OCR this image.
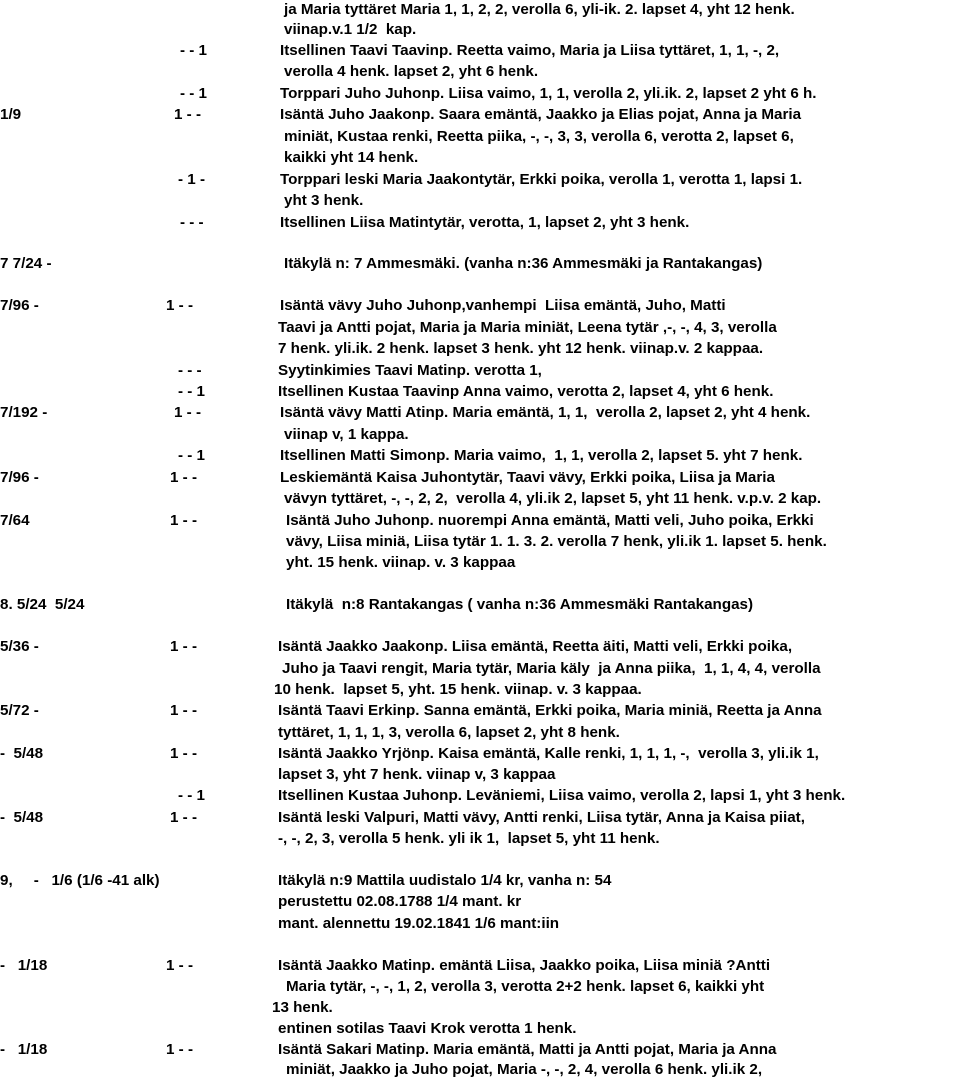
ja Maria tyttäret Maria 1, 1, 2, 2, verolla 6, yli-ik. 2. lapset 4, yht 12 henk.
viinap.v.1 1/2  kap.
- - 1	Itsellinen Taavi Taavinp. Reetta vaimo, Maria ja Liisa tyttäret, 1, 1, -, 2,
verolla 4 henk. lapset 2, yht 6 henk.
- - 1	Torppari Juho Juhonp. Liisa vaimo, 1, 1, verolla 2, yli.ik. 2, lapset 2 yht 6 h.
1/9	1 - -	Isäntä Juho Jaakonp. Saara emäntä, Jaakko ja Elias pojat, Anna ja Maria
miniät, Kustaa renki, Reetta piika, -, -, 3, 3, verolla 6, verotta 2, lapset 6,
kaikki yht 14 henk.
- 1 -	Torppari leski Maria Jaakontytär, Erkki poika, verolla 1, verotta 1, lapsi 1.
yht 3 henk.
- - -	Itsellinen Liisa Matintytär, verotta, 1, lapset 2, yht 3 henk.
7 7/24 -	Itäkylä n: 7 Ammesmäki. (vanha n:36 Ammesmäki ja Rantakangas)
7/96 -	1 - -	Isäntä vävy Juho Juhonp,vanhempi  Liisa emäntä, Juho, Matti
Taavi ja Antti pojat, Maria ja Maria miniät, Leena tytär ,-, -, 4, 3, verolla
7 henk. yli.ik. 2 henk. lapset 3 henk. yht 12 henk. viinap.v. 2 kappaa.
- - -	Syytinkimies Taavi Matinp. verotta 1,
- - 1	Itsellinen Kustaa Taavinp Anna vaimo, verotta 2, lapset 4, yht 6 henk.
7/192 -	1 - -	Isäntä vävy Matti Atinp. Maria emäntä, 1, 1,  verolla 2, lapset 2, yht 4 henk.
viinap v, 1 kappa.
- - 1	Itsellinen Matti Simonp. Maria vaimo,  1, 1, verolla 2, lapset 5. yht 7 henk.
7/96 -	1 - -	Leskiemäntä Kaisa Juhontytär, Taavi vävy, Erkki poika, Liisa ja Maria
vävyn tyttäret, -, -, 2, 2,  verolla 4, yli.ik 2, lapset 5, yht 11 henk. v.p.v. 2 kap.
7/64	1 - -	Isäntä Juho Juhonp. nuorempi Anna emäntä, Matti veli, Juho poika, Erkki
vävy, Liisa miniä, Liisa tytär 1. 1. 3. 2. verolla 7 henk, yli.ik 1. lapset 5. henk.
yht. 15 henk. viinap. v. 3 kappaa
8. 5/24  5/24	Itäkylä  n:8 Rantakangas ( vanha n:36 Ammesmäki Rantakangas)
5/36 -	1 - -	Isäntä Jaakko Jaakonp. Liisa emäntä, Reetta äiti, Matti veli, Erkki poika,
Juho ja Taavi rengit, Maria tytär, Maria käly  ja Anna piika,  1, 1, 4, 4, verolla
10 henk.  lapset 5, yht. 15 henk. viinap. v. 3 kappaa.
5/72 -	1 - -	Isäntä Taavi Erkinp. Sanna emäntä, Erkki poika, Maria miniä, Reetta ja Anna
tyttäret, 1, 1, 1, 3, verolla 6, lapset 2, yht 8 henk.
-  5/48	1 - -	Isäntä Jaakko Yrjönp. Kaisa emäntä, Kalle renki, 1, 1, 1, -,  verolla 3, yli.ik 1,
lapset 3, yht 7 henk. viinap v, 3 kappaa
- - 1	Itsellinen Kustaa Juhonp. Leväniemi, Liisa vaimo, verolla 2, lapsi 1, yht 3 henk.
-  5/48	1 - -	Isäntä leski Valpuri, Matti vävy, Antti renki, Liisa tytär, Anna ja Kaisa piiat,
-, -, 2, 3, verolla 5 henk. yli ik 1,  lapset 5, yht 11 henk.
9,     -   1/6 (1/6 -41 alk)	Itäkylä n:9 Mattila uudistalo 1/4 kr, vanha n: 54
perustettu 02.08.1788 1/4 mant. kr
mant. alennettu 19.02.1841 1/6 mant:iin
-   1/18	1 - -	Isäntä Jaakko Matinp. emäntä Liisa, Jaakko poika, Liisa miniä ?Antti
Maria tytär, -, -, 1, 2, verolla 3, verotta 2+2 henk. lapset 6, kaikki yht
13 henk.
entinen sotilas Taavi Krok verotta 1 henk.
-   1/18	1 - -	Isäntä Sakari Matinp. Maria emäntä, Matti ja Antti pojat, Maria ja Anna
miniät, Jaakko ja Juho pojat, Maria -, -, 2, 4, verolla 6 henk. yli.ik 2,
